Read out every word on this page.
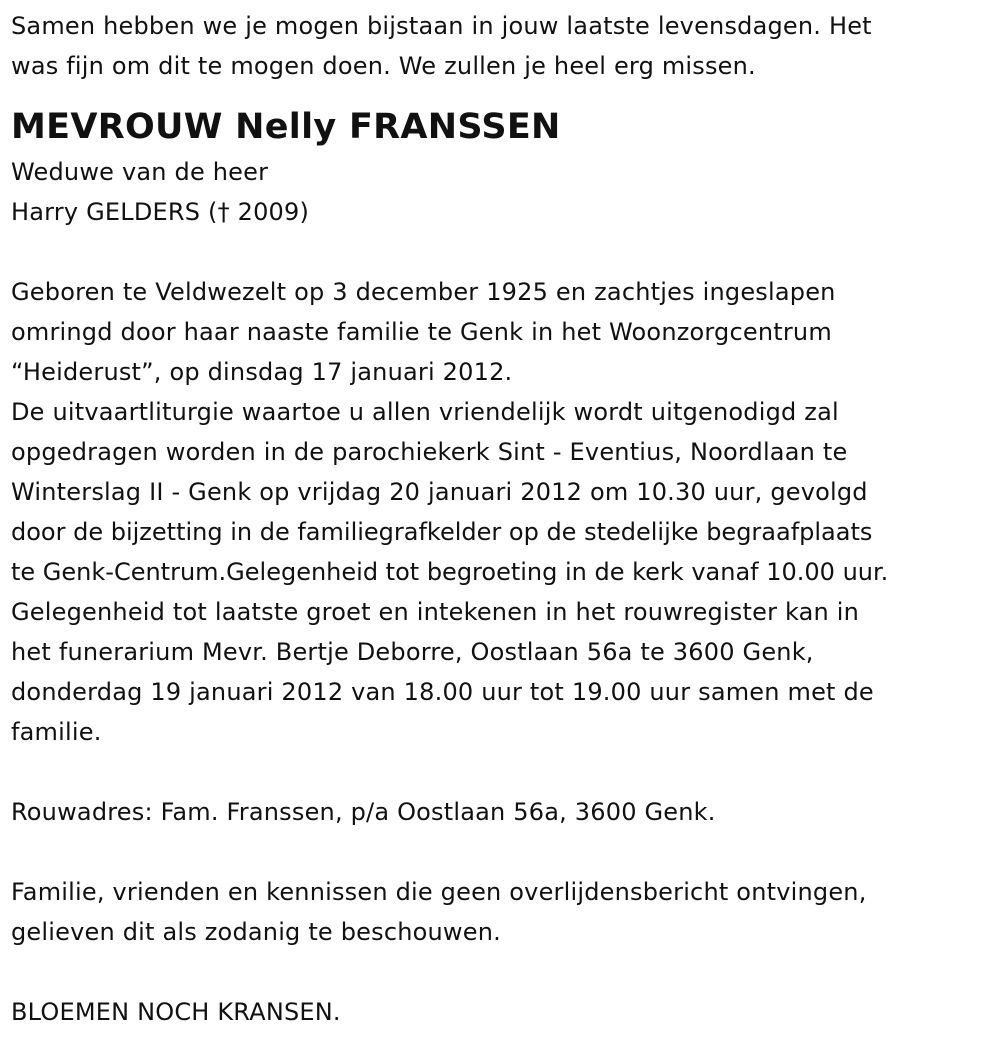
Samen hebben we je mogen bijstaan in jouw laatste levensdagen. Het

was fijn om dit te mogen doen. We zullen je heel erg missen.

MEVROUW Nelly FRANSSEN

Weduwe van de heer

Harry GELDERS († 2009)

Geboren te Veldwezelt op 3 december 1925 en zachtjes ingeslapen

omringd door haar naaste familie te Genk in het Woonzorgcentrum

“Heiderust”, op dinsdag 17 januari 2012.

De uitvaartliturgie waartoe u allen vriendelijk wordt uitgenodigd zal

opgedragen worden in de parochiekerk Sint - Eventius, Noordlaan te

Winterslag II - Genk op vrijdag 20 januari 2012 om 10.30 uur, gevolgd

door de bijzetting in de familiegrafkelder op de stedelijke begraafplaats

te Genk-Centrum.Gelegenheid tot begroeting in de kerk vanaf 10.00 uur.

Gelegenheid tot laatste groet en intekenen in het rouwregister kan in

het funerarium Mevr. Bertje Deborre, Oostlaan 56a te 3600 Genk,

donderdag 19 januari 2012 van 18.00 uur tot 19.00 uur samen met de

familie.

Rouwadres: Fam. Franssen, p/a Oostlaan 56a, 3600 Genk.

Familie, vrienden en kennissen die geen overlijdensbericht ontvingen,

gelieven dit als zodanig te beschouwen.

BLOEMEN NOCH KRANSEN.
